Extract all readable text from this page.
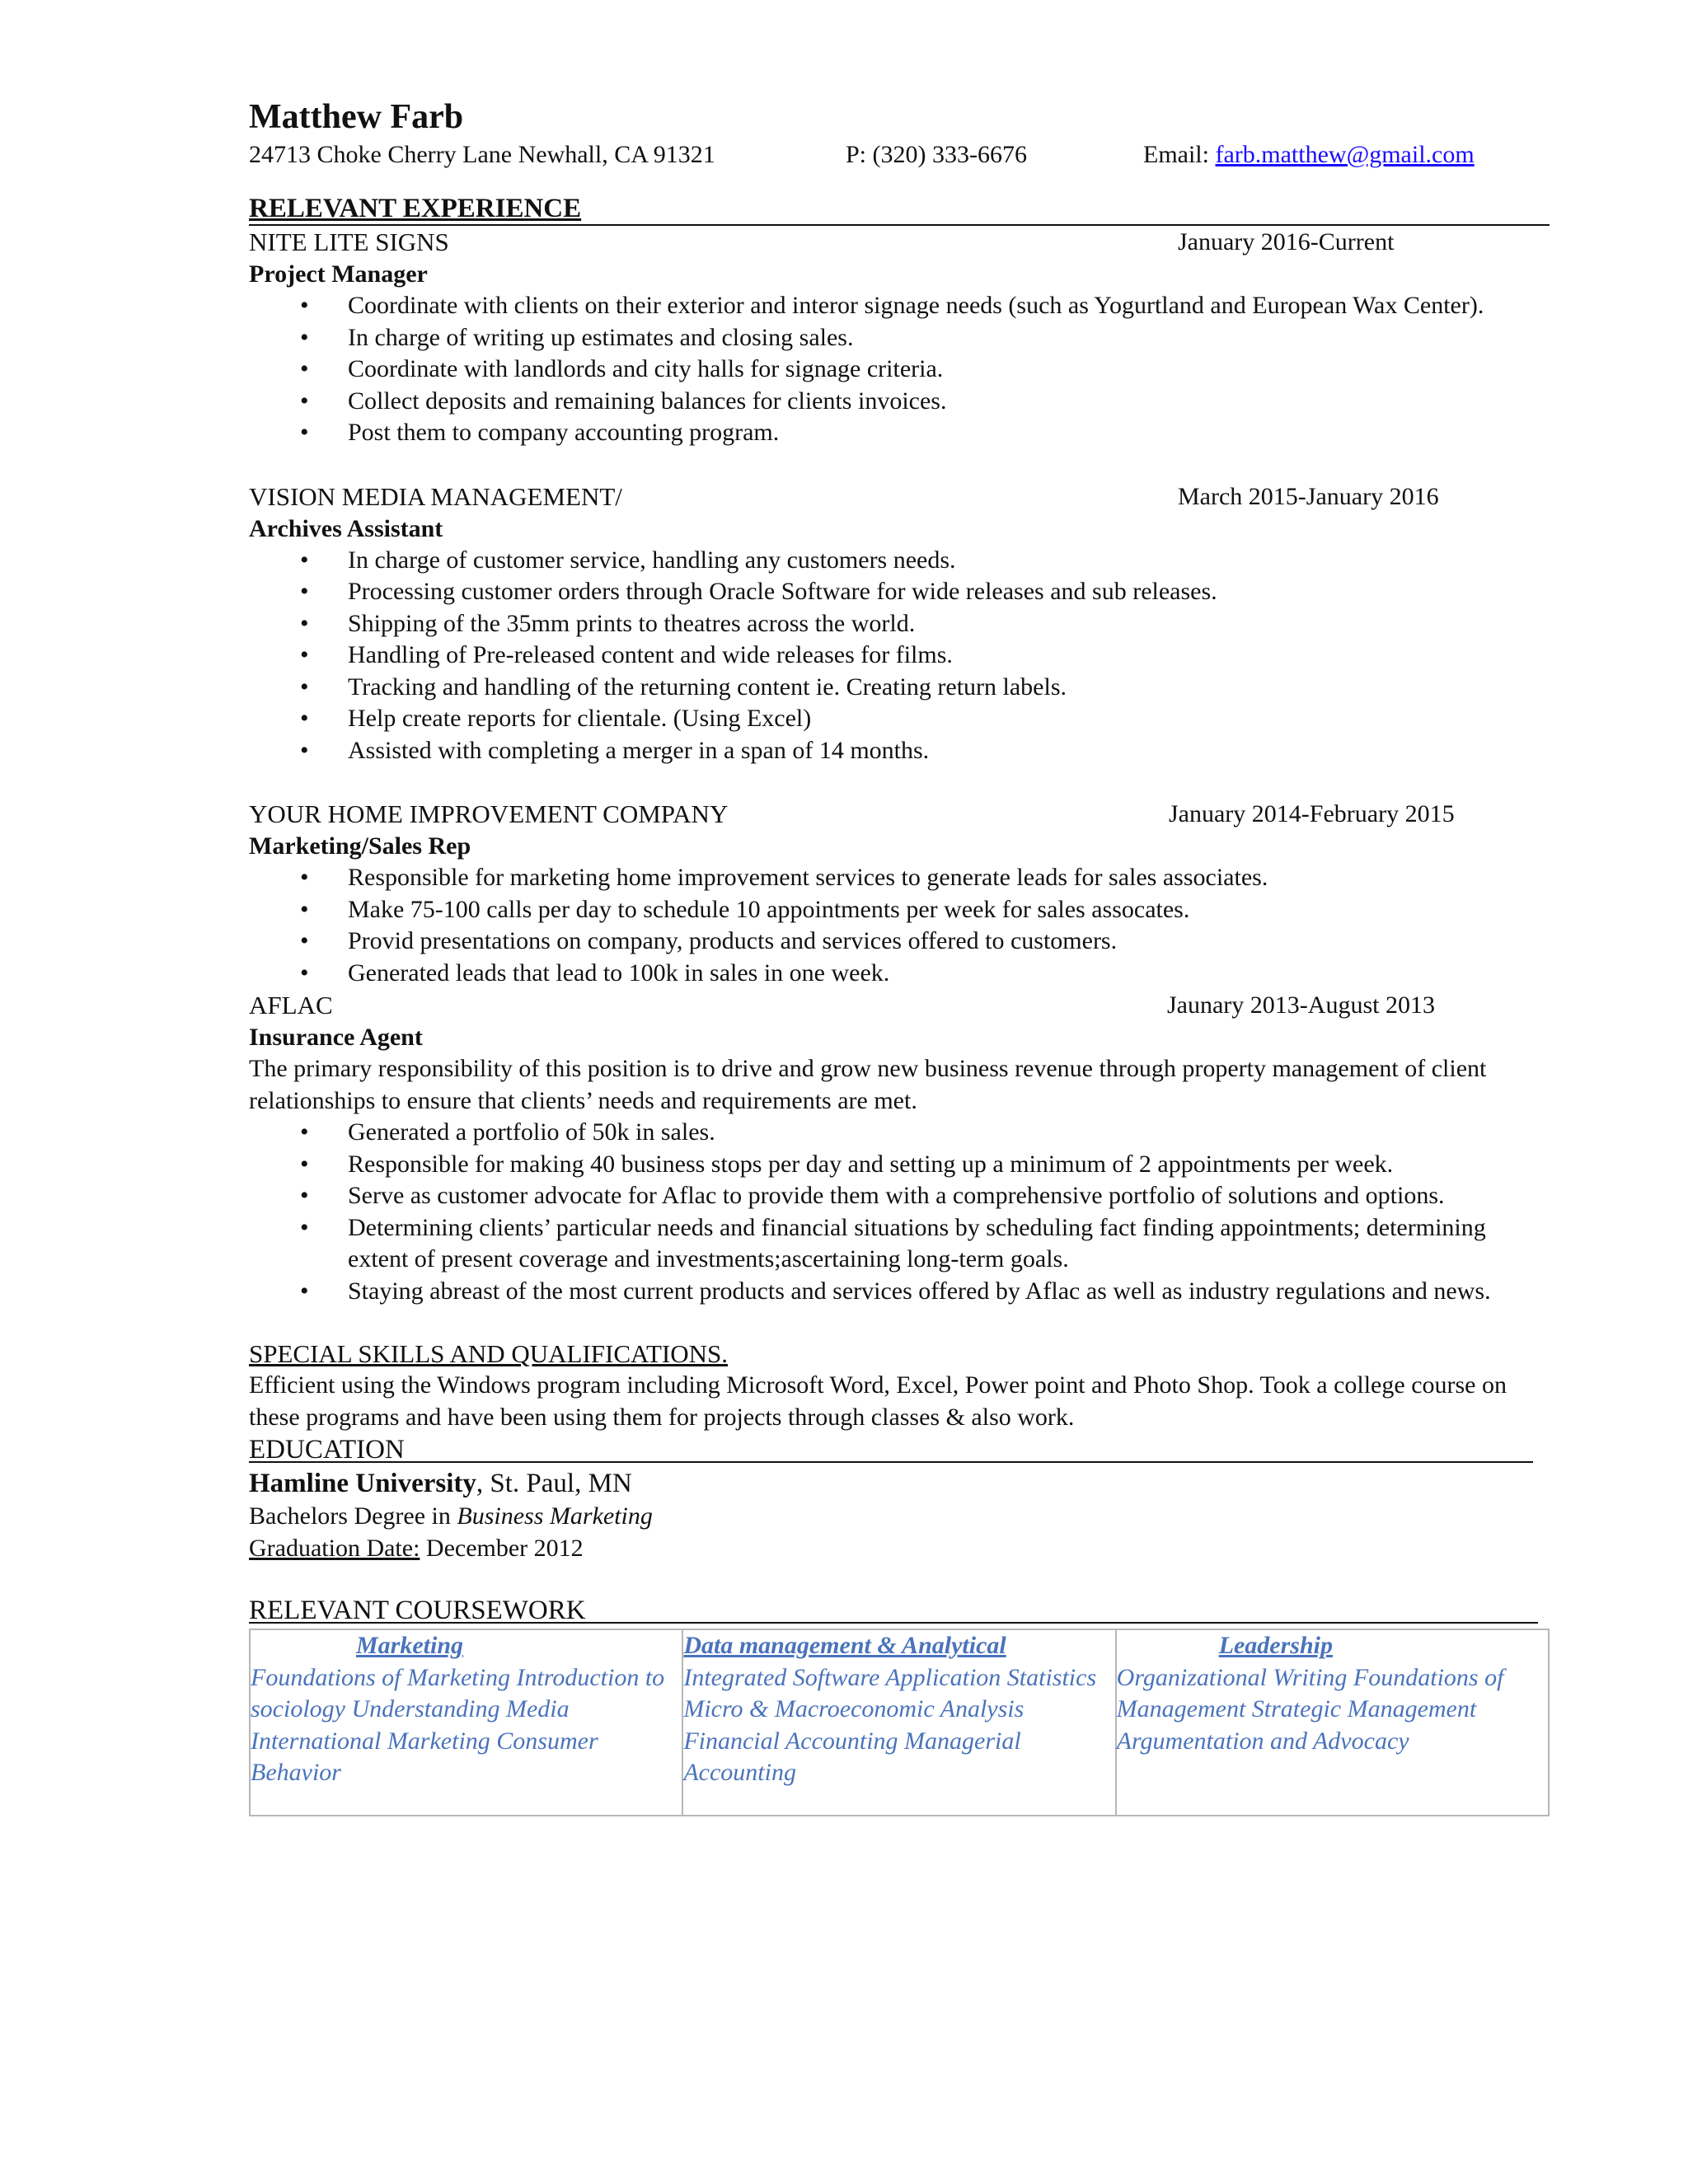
Matthew Farb
24713 Choke Cherry Lane Newhall, CA 91321	P: (320) 333-6676	Email: farb.matthew@gmail.com
RELEVANT EXPERIENCE
NITE LITE SIGNS	January 2016-Current
Project Manager
• Coordinate with clients on their exterior and interor signage needs (such as Yogurtland and European Wax Center).
• In charge of writing up estimates and closing sales.
• Coordinate with landlords and city halls for signage criteria.
• Collect deposits and remaining balances for clients invoices.
• Post them to company accounting program.
VISION MEDIA MANAGEMENT/	March 2015-January 2016
Archives Assistant
• In charge of customer service, handling any customers needs.
• Processing customer orders through Oracle Software for wide releases and sub releases.
• Shipping of the 35mm prints to theatres across the world.
• Handling of Pre-released content and wide releases for films.
• Tracking and handling of the returning content ie. Creating return labels.
• Help create reports for clientale. (Using Excel)
• Assisted with completing a merger in a span of 14 months.
YOUR HOME IMPROVEMENT COMPANY	January 2014-February 2015
Marketing/Sales Rep
• Responsible for marketing home improvement services to generate leads for sales associates.
• Make 75-100 calls per day to schedule 10 appointments per week for sales assocates.
• Provid presentations on company, products and services offered to customers.
• Generated leads that lead to 100k in sales in one week.
AFLAC	Jaunary 2013-August 2013
Insurance Agent
The primary responsibility of this position is to drive and grow new business revenue through property management of client relationships to ensure that clients’ needs and requirements are met.
• Generated a portfolio of 50k in sales.
• Responsible for making 40 business stops per day and setting up a minimum of 2 appointments per week.
• Serve as customer advocate for Aflac to provide them with a comprehensive portfolio of solutions and options.
• Determining clients’ particular needs and financial situations by scheduling fact finding appointments; determining extent of present coverage and investments;ascertaining long-term goals.
• Staying abreast of the most current products and services offered by Aflac as well as industry regulations and news.
SPECIAL SKILLS AND QUALIFICATIONS.
Efficient using the Windows program including Microsoft Word, Excel, Power point and Photo Shop. Took a college course on these programs and have been using them for projects through classes & also work.
EDUCATION
Hamline University, St. Paul, MN
Bachelors Degree in Business Marketing
Graduation Date: December 2012
RELEVANT COURSEWORK
Marketing
Foundations of Marketing Introduction to sociology Understanding Media International Marketing Consumer Behavior

Data management & Analytical
Integrated Software Application Statistics Micro & Macroeconomic Analysis Financial Accounting Managerial Accounting

Leadership
Organizational Writing Foundations of Management Strategic Management Argumentation and Advocacy
